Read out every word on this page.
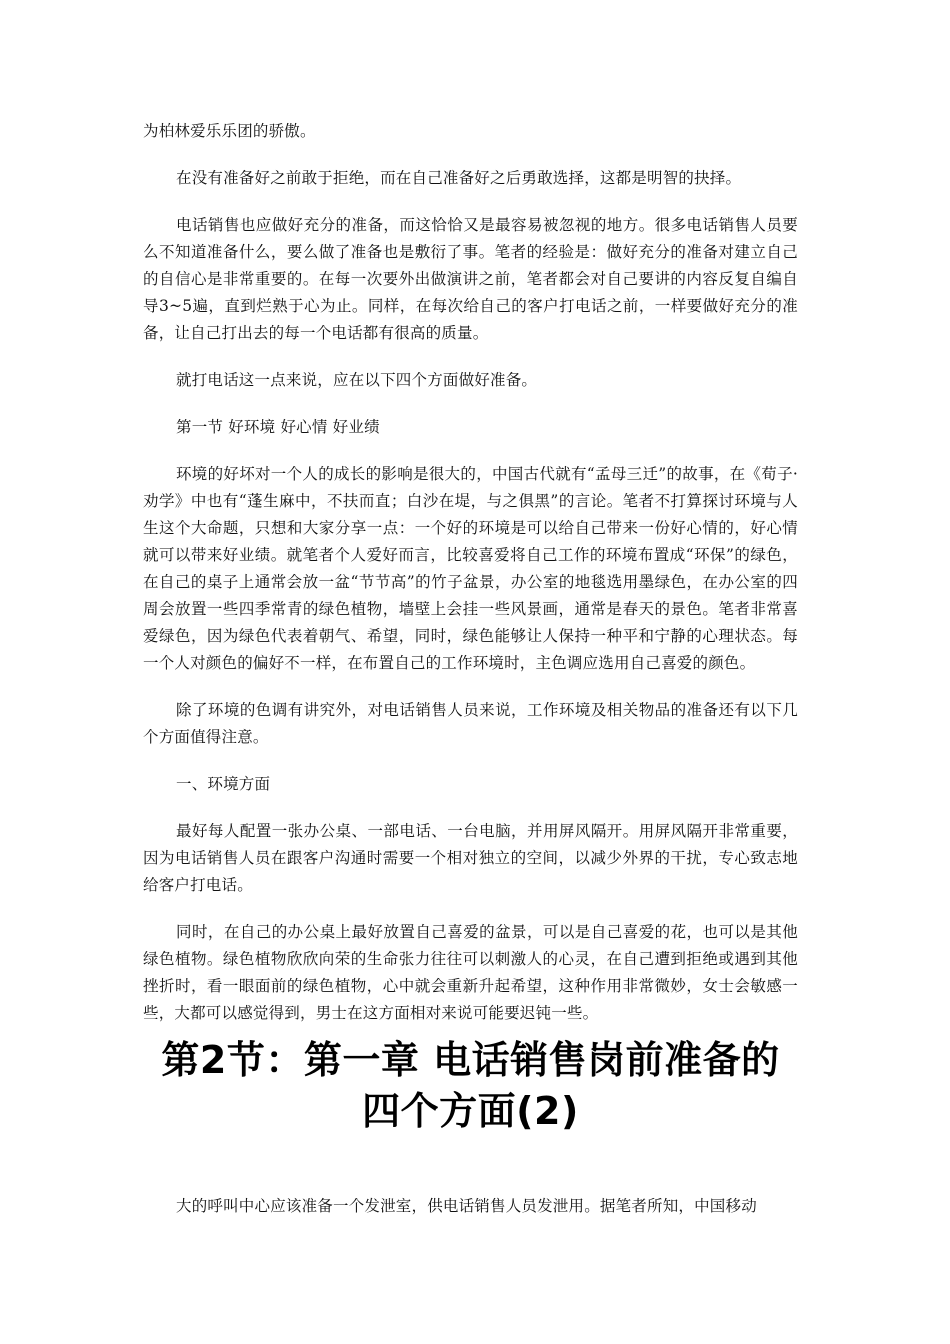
为柏林爱乐乐团的骄傲。

在没有准备好之前敢于拒绝，而在自己准备好之后勇敢选择，这都是明智的抉择。

电话销售也应做好充分的准备，而这恰恰又是最容易被忽视的地方。很多电话销售人员要么不知道准备什么，要么做了准备也是敷衍了事。笔者的经验是：做好充分的准备对建立自己的自信心是非常重要的。在每一次要外出做演讲之前，笔者都会对自己要讲的内容反复自编自导3~5遍，直到烂熟于心为止。同样，在每次给自己的客户打电话之前，一样要做好充分的准备，让自己打出去的每一个电话都有很高的质量。

就打电话这一点来说，应在以下四个方面做好准备。

第一节 好环境 好心情 好业绩

环境的好坏对一个人的成长的影响是很大的，中国古代就有“孟母三迁”的故事，在《荀子·劝学》中也有“蓬生麻中，不扶而直；白沙在堤，与之俱黑”的言论。笔者不打算探讨环境与人生这个大命题，只想和大家分享一点：一个好的环境是可以给自己带来一份好心情的，好心情就可以带来好业绩。就笔者个人爱好而言，比较喜爱将自己工作的环境布置成“环保”的绿色，在自己的桌子上通常会放一盆“节节高”的竹子盆景，办公室的地毯选用墨绿色，在办公室的四周会放置一些四季常青的绿色植物，墙壁上会挂一些风景画，通常是春天的景色。笔者非常喜爱绿色，因为绿色代表着朝气、希望，同时，绿色能够让人保持一种平和宁静的心理状态。每一个人对颜色的偏好不一样，在布置自己的工作环境时，主色调应选用自己喜爱的颜色。

除了环境的色调有讲究外，对电话销售人员来说，工作环境及相关物品的准备还有以下几个方面值得注意。

一、环境方面

最好每人配置一张办公桌、一部电话、一台电脑，并用屏风隔开。用屏风隔开非常重要，因为电话销售人员在跟客户沟通时需要一个相对独立的空间，以减少外界的干扰，专心致志地给客户打电话。

同时，在自己的办公桌上最好放置自己喜爱的盆景，可以是自己喜爱的花，也可以是其他绿色植物。绿色植物欣欣向荣的生命张力往往可以刺激人的心灵，在自己遭到拒绝或遇到其他挫折时，看一眼面前的绿色植物，心中就会重新升起希望，这种作用非常微妙，女士会敏感一些，大都可以感觉得到，男士在这方面相对来说可能要迟钝一些。

第2节：第一章 电话销售岗前准备的四个方面(2)

大的呼叫中心应该准备一个发泄室，供电话销售人员发泄用。据笔者所知，中国移动
